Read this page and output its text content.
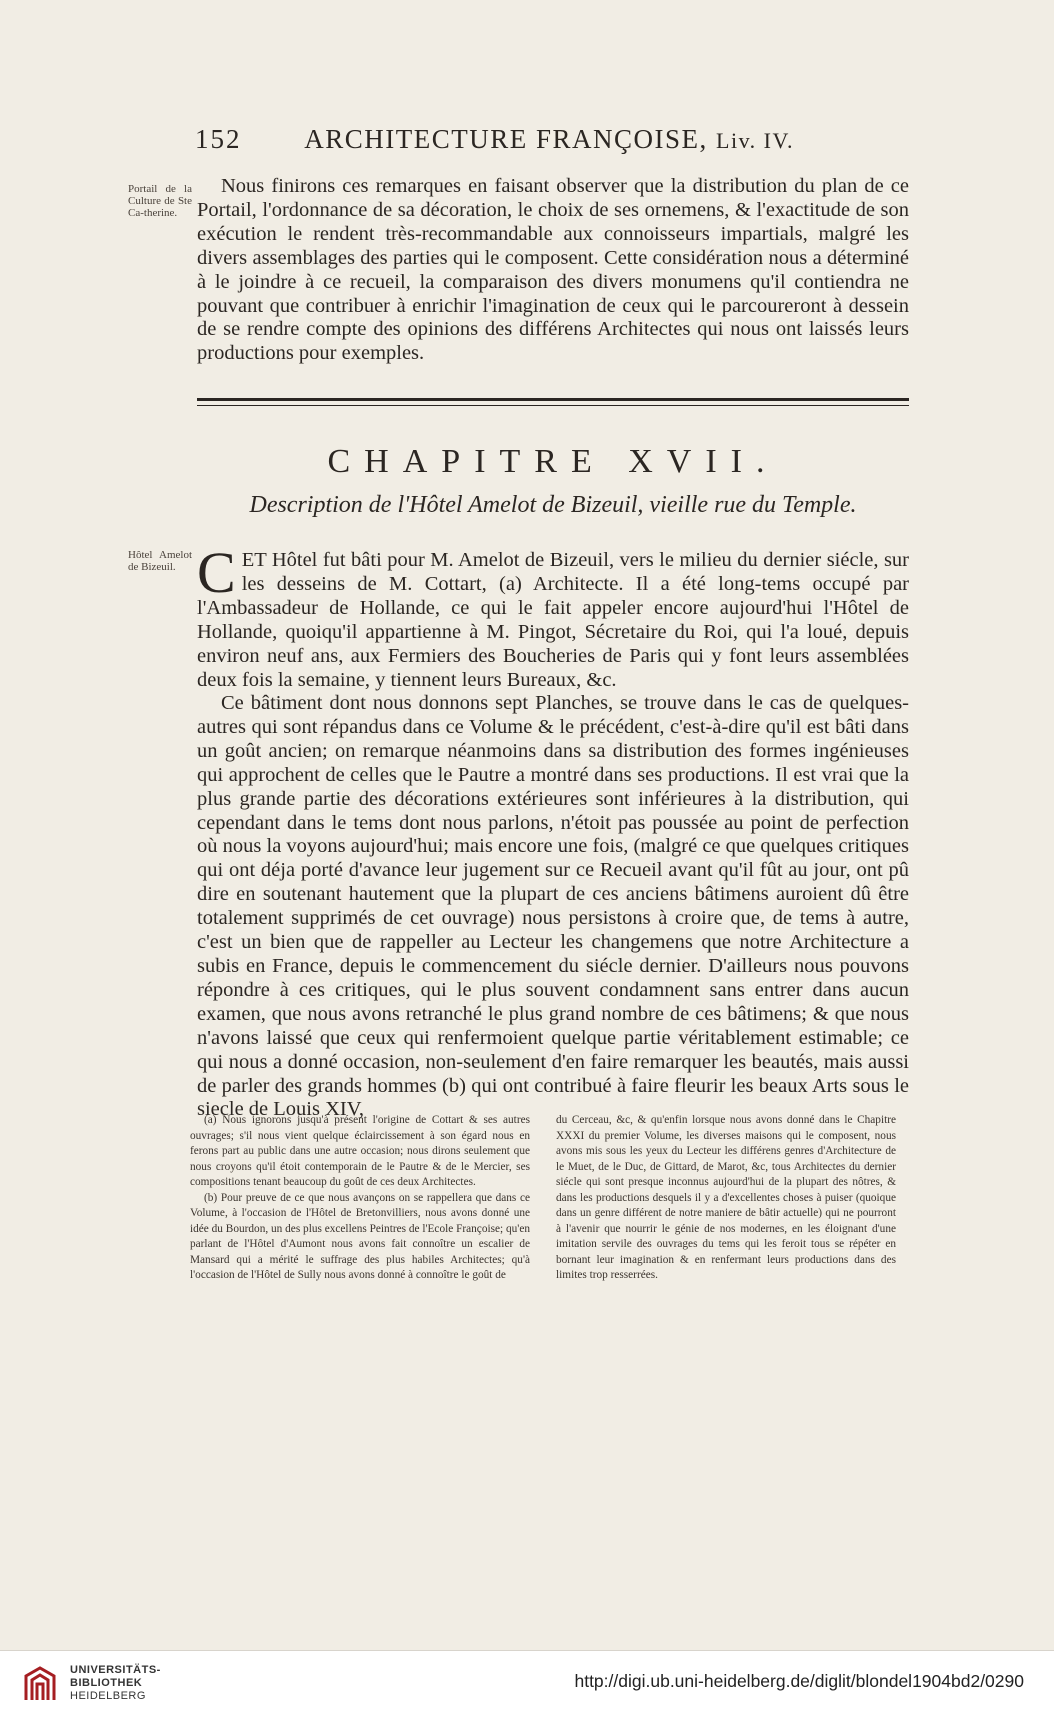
152 ARCHITECTURE FRANÇOISE, Liv. IV.
Portail de la Culture de Ste Ca-therine.
Nous finirons ces remarques en faisant observer que la distribution du plan de ce Portail, l'ordonnance de sa décoration, le choix de ses ornemens, & l'exactitude de son exécution le rendent très-recommandable aux connoisseurs impartials, malgré les divers assemblages des parties qui le composent. Cette considération nous a déterminé à le joindre à ce recueil, la comparaison des divers monumens qu'il contiendra ne pouvant que contribuer à enrichir l'imagination de ceux qui le parcoureront à dessein de se rendre compte des opinions des différens Architectes qui nous ont laissés leurs productions pour exemples.
CHAPITRE XVII.
Description de l'Hôtel Amelot de Bizeuil, vieille rue du Temple.
Hôtel Amelot de Bizeuil. CET Hôtel fut bâti pour M. Amelot de Bizeuil, vers le milieu du dernier siécle, sur les desseins de M. Cottart, (a) Architecte. Il a été long-tems occupé par l'Ambassadeur de Hollande, ce qui le fait appeler encore aujourd'hui l'Hôtel de Hollande, quoiqu'il appartienne à M. Pingot, Sécretaire du Roi, qui l'a loué, depuis environ neuf ans, aux Fermiers des Boucheries de Paris qui y font leurs assemblées deux fois la semaine, y tiennent leurs Bureaux, &c.
Ce bâtiment dont nous donnons sept Planches, se trouve dans le cas de quelques-autres qui sont répandus dans ce Volume & le précédent, c'est-à-dire qu'il est bâti dans un goût ancien; on remarque néanmoins dans sa distribution des formes ingénieuses qui approchent de celles que le Pautre a montré dans ses productions. Il est vrai que la plus grande partie des décorations extérieures sont inférieures à la distribution, qui cependant dans le tems dont nous parlons, n'étoit pas poussée au point de perfection où nous la voyons aujourd'hui; mais encore une fois, (malgré ce que quelques critiques qui ont déja porté d'avance leur jugement sur ce Recueil avant qu'il fût au jour, ont pû dire en soutenant hautement que la plupart de ces anciens bâtimens auroient dû être totalement supprimés de cet ouvrage) nous persistons à croire que, de tems à autre, c'est un bien que de rappeller au Lecteur les changemens que notre Architecture a subis en France, depuis le commencement du siécle dernier. D'ailleurs nous pouvons répondre à ces critiques, qui le plus souvent condamnent sans entrer dans aucun examen, que nous avons retranché le plus grand nombre de ces bâtimens; & que nous n'avons laissé que ceux qui renfermoient quelque partie véritablement estimable; ce qui nous a donné occasion, non-seulement d'en faire remarquer les beautés, mais aussi de parler des grands hommes (b) qui ont contribué à faire fleurir les beaux Arts sous le siecle de Louis XIV,

(a) Nous ignorons jusqu'à présent l'origine de Cottart & ses autres ouvrages; s'il nous vient quelque éclaircissement à son égard nous en ferons part au public dans une autre occasion; nous dirons seulement que nous croyons qu'il étoit contemporain de le Pautre & de le Mercier, ses compositions tenant beaucoup du goût de ces deux Architectes.

(b) Pour preuve de ce que nous avançons on se rappellera que dans ce Volume, à l'occasion de l'Hôtel de Bretonvilliers, nous avons donné une idée du Bourdon, un des plus excellens Peintres de l'Ecole Françoise; qu'en parlant de l'Hôtel d'Aumont nous avons fait connoître un escalier de Mansard qui a mérité le suffrage des plus habiles Architectes; qu'à l'occasion de l'Hôtel de Sully nous avons donné à connoître le goût de

du Cerceau, &c, & qu'enfin lorsque nous avons donné dans le Chapitre XXXI du premier Volume, les diverses maisons qui le composent, nous avons mis sous les yeux du Lecteur les différens genres d'Architecture de le Muet, de le Duc, de Gittard, de Marot, &c, tous Architectes du dernier siécle qui sont presque inconnus aujourd'hui de la plupart des nôtres, & dans les productions desquels il y a d'excellentes choses à puiser (quoique dans un genre différent de notre maniere de bâtir actuelle) qui ne pourront à l'avenir que nourrir le génie de nos modernes, en les éloignant d'une imitation servile des ouvrages du tems qui les feroit tous se répéter en bornant leur imagination & en renfermant leurs productions dans des limites trop resserrées.

UNIVERSITÄTS-
BIBLIOTHEK
HEIDELBERG
http://digi.ub.uni-heidelberg.de/diglit/blondel1904bd2/0290
